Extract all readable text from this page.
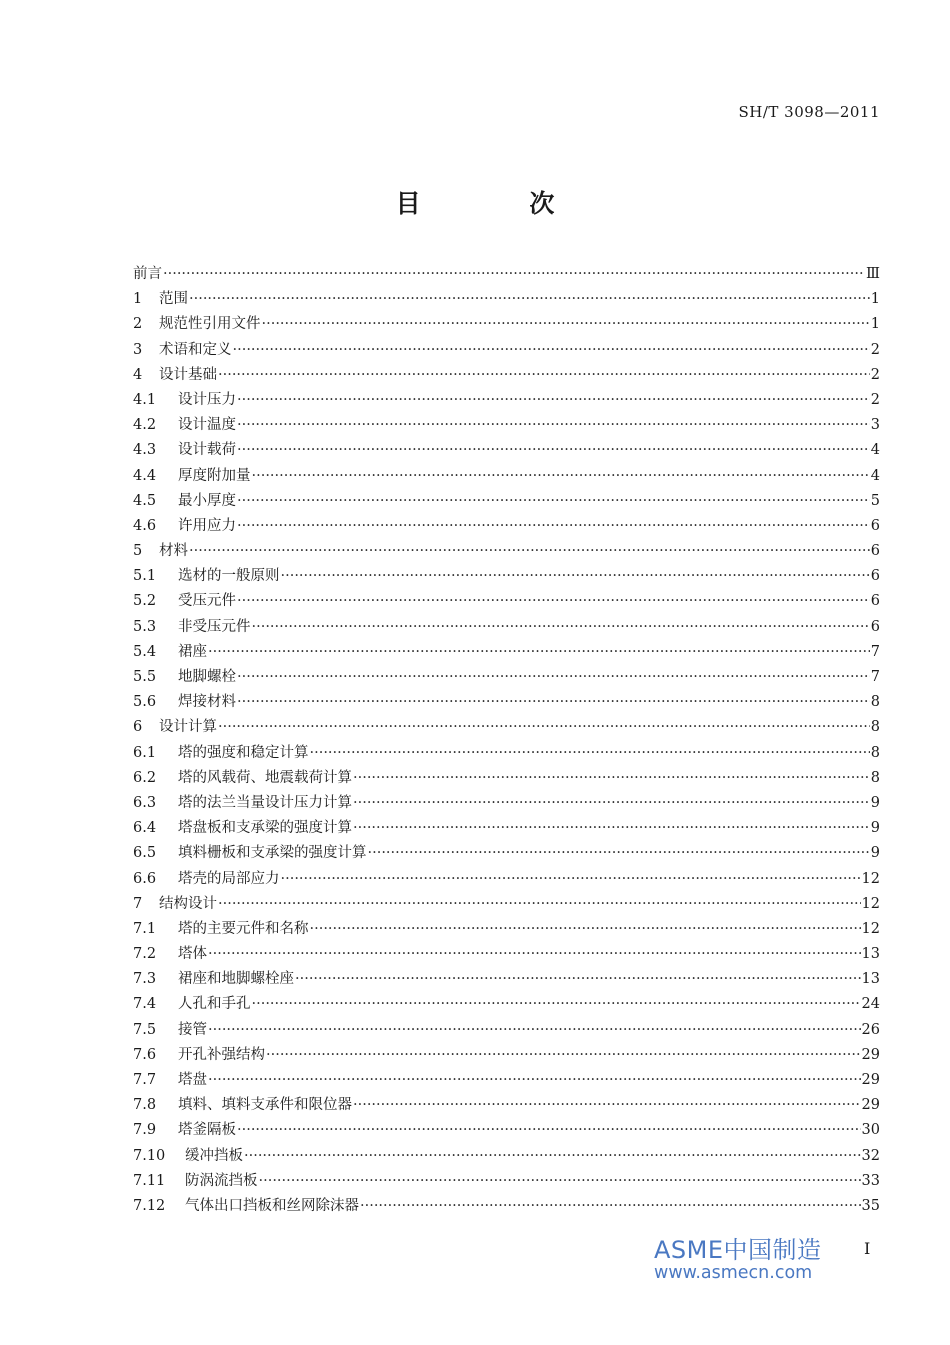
SH/T 3098—2011
目 次
前言 ·····	Ⅲ
1	范围 ·····	1
2	规范性引用文件 ·····	1
3	术语和定义 ·····	2
4	设计基础 ·····	2
4.1	设计压力 ·····	2
4.2	设计温度 ·····	3
4.3	设计载荷 ·····	4
4.4	厚度附加量 ·····	4
4.5	最小厚度 ·····	5
4.6	许用应力 ·····	6
5	材料 ·····	6
5.1	选材的一般原则 ·····	6
5.2	受压元件 ·····	6
5.3	非受压元件 ·····	6
5.4	裙座 ·····	7
5.5	地脚螺栓 ·····	7
5.6	焊接材料 ·····	8
6	设计计算 ·····	8
6.1	塔的强度和稳定计算 ·····	8
6.2	塔的风载荷、地震载荷计算 ·····	8
6.3	塔的法兰当量设计压力计算 ·····	9
6.4	塔盘板和支承梁的强度计算 ·····	9
6.5	填料栅板和支承梁的强度计算 ·····	9
6.6	塔壳的局部应力 ·····	12
7	结构设计 ·····	12
7.1	塔的主要元件和名称 ·····	12
7.2	塔体 ·····	13
7.3	裙座和地脚螺栓座 ·····	13
7.4	人孔和手孔 ·····	24
7.5	接管 ·····	26
7.6	开孔补强结构 ·····	29
7.7	塔盘 ·····	29
7.8	填料、填料支承件和限位器 ·····	29
7.9	塔釜隔板 ·····	30
7.10	缓冲挡板 ·····	32
7.11	防涡流挡板 ·····	33
7.12	气体出口挡板和丝网除沫器 ·····	35
ASME中国制造
www.asmecn.com
I
